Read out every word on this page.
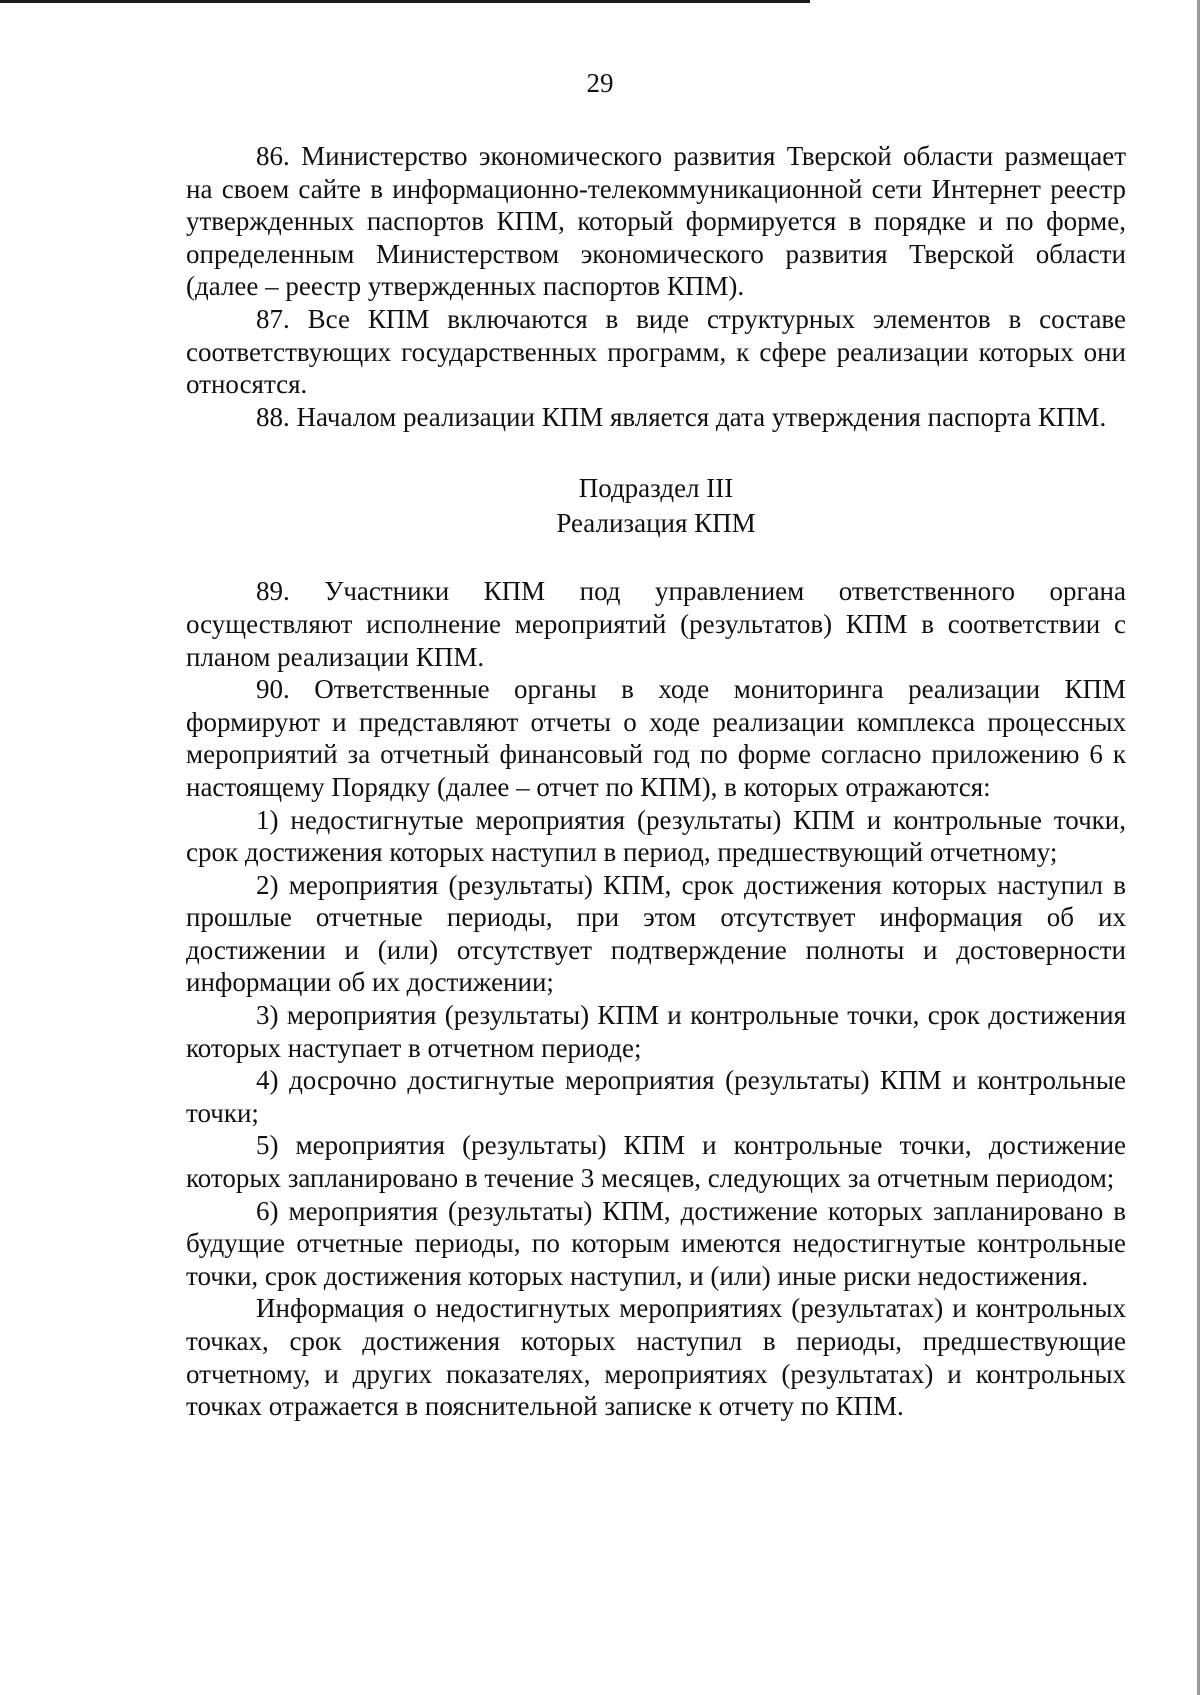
29

86. Министерство экономического развития Тверской области размещает на своем сайте в информационно-телекоммуникационной сети Интернет реестр утвержденных паспортов КПМ, который формируется в порядке и по форме, определенным Министерством экономического развития Тверской области (далее – реестр утвержденных паспортов КПМ).

87. Все КПМ включаются в виде структурных элементов в составе соответствующих государственных программ, к сфере реализации которых они относятся.

88. Началом реализации КПМ является дата утверждения паспорта КПМ.

Подраздел III

Реализация КПМ

89. Участники КПМ под управлением ответственного органа осуществляют исполнение мероприятий (результатов) КПМ в соответствии с планом реализации КПМ.

90. Ответственные органы в ходе мониторинга реализации КПМ формируют и представляют отчеты о ходе реализации комплекса процессных мероприятий за отчетный финансовый год по форме согласно приложению 6 к настоящему Порядку (далее – отчет по КПМ), в которых отражаются:

1) недостигнутые мероприятия (результаты) КПМ и контрольные точки, срок достижения которых наступил в период, предшествующий отчетному;

2) мероприятия (результаты) КПМ, срок достижения которых наступил в прошлые отчетные периоды, при этом отсутствует информация об их достижении и (или) отсутствует подтверждение полноты и достоверности информации об их достижении;

3) мероприятия (результаты) КПМ и контрольные точки, срок достижения которых наступает в отчетном периоде;

4) досрочно достигнутые мероприятия (результаты) КПМ и контрольные точки;

5) мероприятия (результаты) КПМ и контрольные точки, достижение которых запланировано в течение 3 месяцев, следующих за отчетным периодом;

6) мероприятия (результаты) КПМ, достижение которых запланировано в будущие отчетные периоды, по которым имеются недостигнутые контрольные точки, срок достижения которых наступил, и (или) иные риски недостижения.

Информация о недостигнутых мероприятиях (результатах) и контрольных точках, срок достижения которых наступил в периоды, предшествующие отчетному, и других показателях, мероприятиях (результатах) и контрольных точках отражается в пояснительной записке к отчету по КПМ.
